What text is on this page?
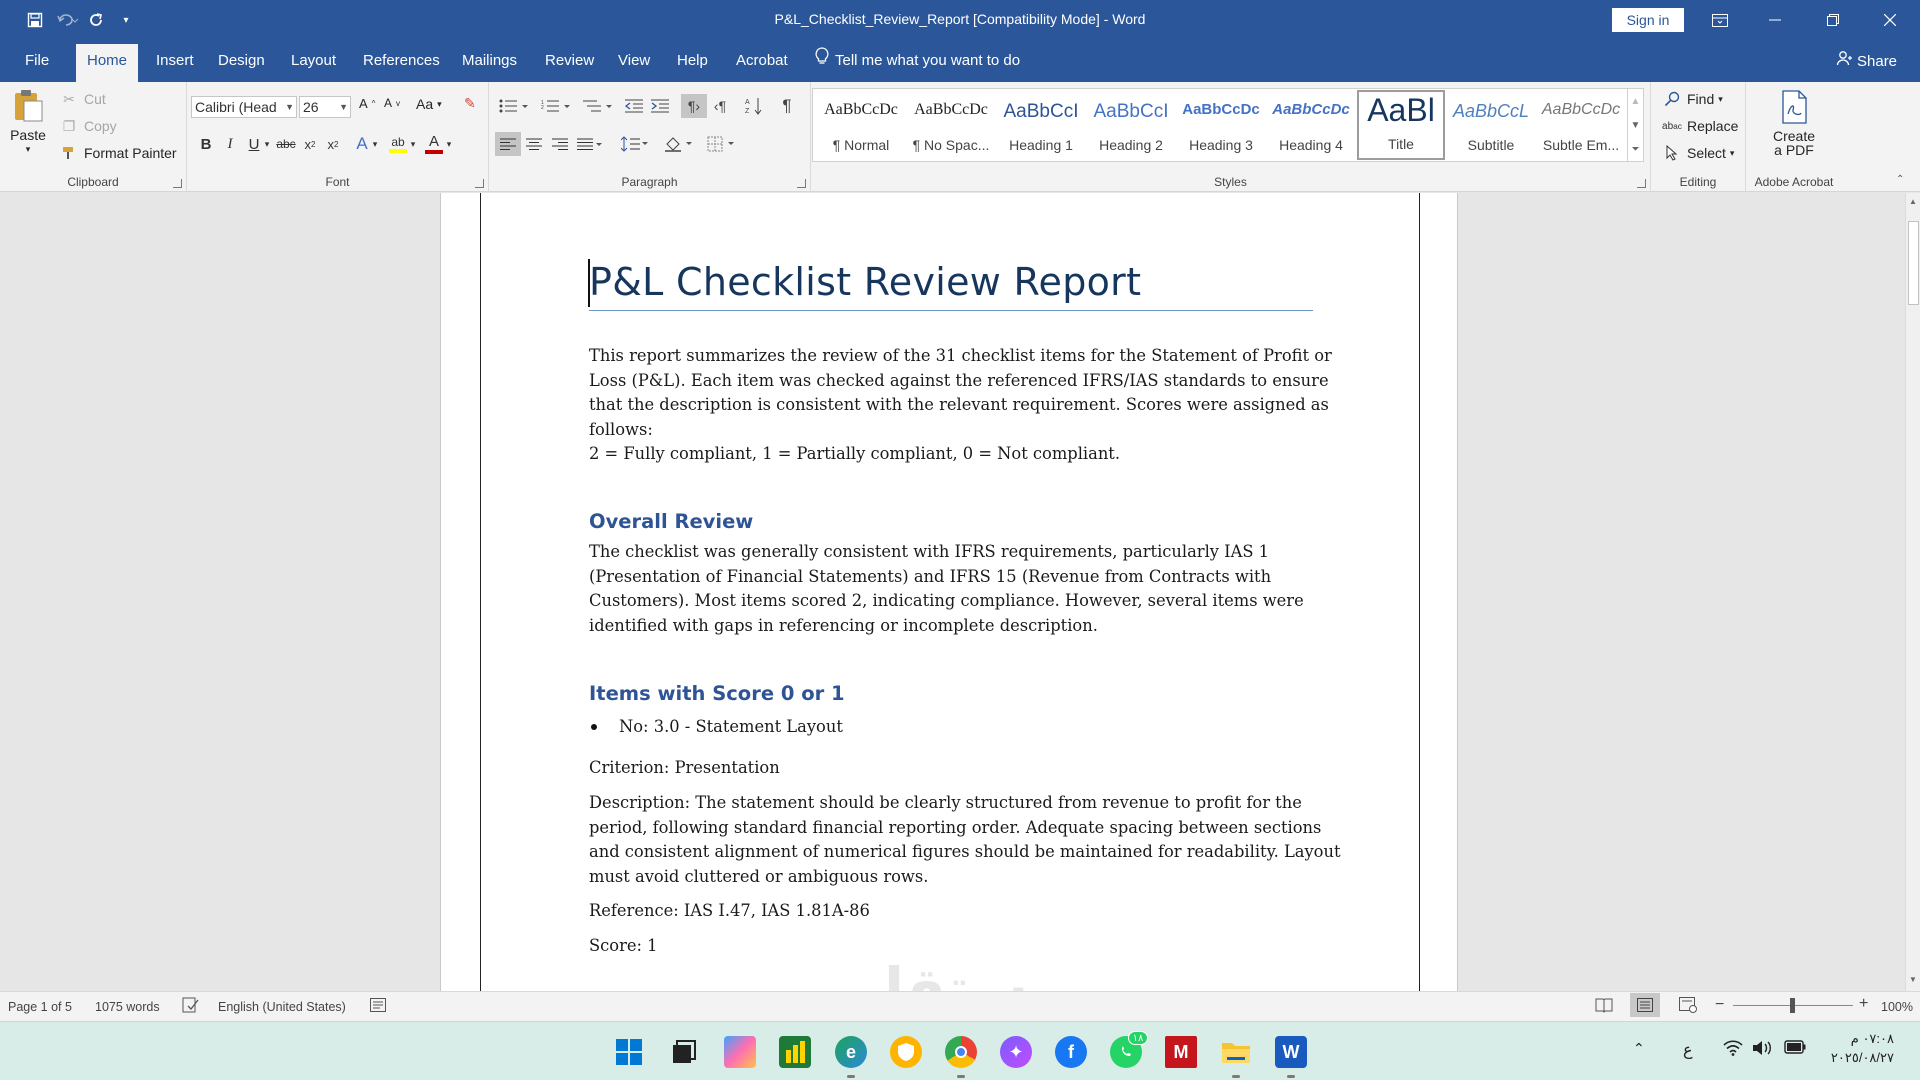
▾	P&L_Checklist_Review_Report [Compatibility Mode] - Word	Sign in
File	Home	Insert	Design	Layout	References	Mailings	Review	View	Help	Acrobat	Tell me what you want to do	Share
Paste
▾
✂ Cut
❐ Copy
Format Painter
Clipboard
Calibri (Head ▼ 26 ▼ A ^ A v Aa ▾ ✎
B	I	U ▾ abc x 2 x 2	A ▾	ab ▾ A ▾
Font
1
2	¶› ‹¶	A
Z	¶
Paragraph	Styles
AaBbCcDc
¶ Normal
AaBbCcDc
¶ No Spac...
AaBbCcI
Heading 1
AaBbCcI
Heading 2
AaBbCcDc
Heading 3
AaBbCcDc
Heading 4
AaBl
Title
AaBbCcL
Subtitle
AaBbCcDc
Subtle Em...
▲
▼
⏷
Find ▾
ab ac Replace
Select ▾
Editing
Create
a PDF
Adobe Acrobat	⌃
P&L Checklist Review Report
This report summarizes the review of the 31 checklist items for the Statement of Profit or
Loss (P&L). Each item was checked against the referenced IFRS/IAS standards to ensure
that the description is consistent with the relevant requirement. Scores were assigned as
follows:
2 = Fully compliant, 1 = Partially compliant, 0 = Not compliant.
Overall Review
The checklist was generally consistent with IFRS requirements, particularly IAS 1
(Presentation of Financial Statements) and IFRS 15 (Revenue from Contracts with
Customers). Most items scored 2, indicating compliance. However, several items were
identified with gaps in referencing or incomplete description.
Items with Score 0 or 1
No: 3.0 - Statement Layout
Criterion: Presentation
Description: The statement should be clearly structured from revenue to profit for the
period, following standard financial reporting order. Adequate spacing between sections
and consistent alignment of numerical figures should be maintained for readability. Layout
must avoid cluttered or ambiguous rows.
Reference: IAS I.47, IAS 1.81A-86
Score: 1
▲
▼
Page 1 of 5 1075 words	English (United States)	−	+ 100%
e	✦	f
١٨
M	W	⌃ ع
٠٧:٠٨ م
٢٠٢٥/٠٨/٢٧
